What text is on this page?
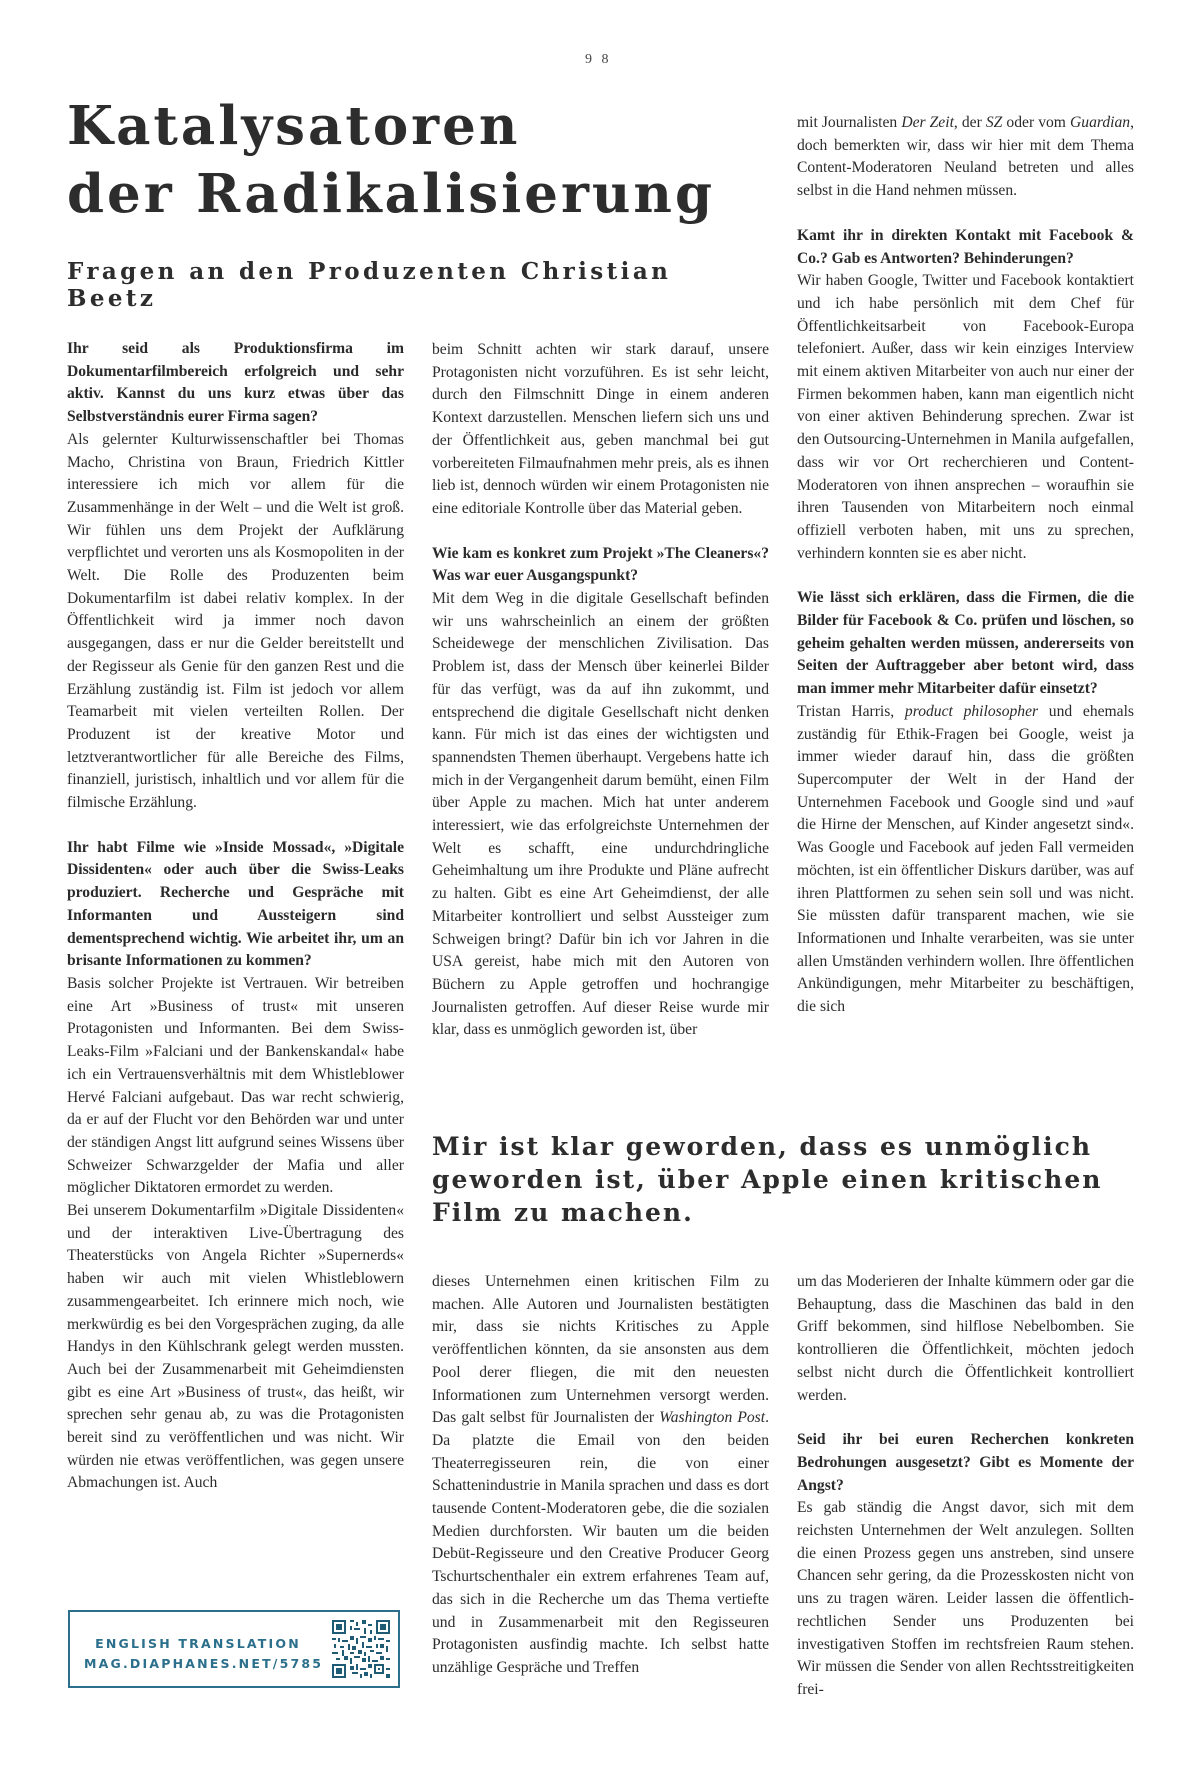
9 8
Katalysatoren
der Radikalisierung
Fragen an den Produzenten Christian Beetz

Ihr seid als Produktionsfirma im Dokumentarfilmbereich erfolgreich und sehr aktiv. Kannst du uns kurz etwas über das Selbstverständnis eurer Firma sagen?

Als gelernter Kulturwissenschaftler bei Thomas Macho, Christina von Braun, Friedrich Kittler interessiere ich mich vor allem für die Zusammenhänge in der Welt – und die Welt ist groß. Wir fühlen uns dem Projekt der Aufklärung verpflichtet und verorten uns als Kosmopoliten in der Welt. Die Rolle des Produzenten beim Dokumentarfilm ist dabei relativ komplex. In der Öffentlichkeit wird ja immer noch davon ausgegangen, dass er nur die Gelder bereitstellt und der Regisseur als Genie für den ganzen Rest und die Erzählung zuständig ist. Film ist jedoch vor allem Teamarbeit mit vielen verteilten Rollen. Der Produzent ist der kreative Motor und letztverantwortlicher für alle Bereiche des Films, finanziell, juristisch, inhaltlich und vor allem für die filmische Erzählung.

Ihr habt Filme wie »Inside Mossad«, »Digitale Dissidenten« oder auch über die Swiss-Leaks produziert. Recherche und Gespräche mit Informanten und Aussteigern sind dementsprechend wichtig. Wie arbeitet ihr, um an brisante Informationen zu kommen?

Basis solcher Projekte ist Vertrauen. Wir betreiben eine Art »Business of trust« mit unseren Protagonisten und Informanten. Bei dem Swiss-Leaks-Film »Falciani und der Bankenskandal« habe ich ein Vertrauensverhältnis mit dem Whistleblower Hervé Falciani aufgebaut. Das war recht schwierig, da er auf der Flucht vor den Behörden war und unter der ständigen Angst litt aufgrund seines Wissens über Schweizer Schwarzgelder der Mafia und aller möglicher Diktatoren ermordet zu werden.

Bei unserem Dokumentarfilm »Digitale Dissidenten« und der interaktiven Live-Übertragung des Theaterstücks von Angela Richter »Supernerds« haben wir auch mit vielen Whistleblowern zusammengearbeitet. Ich erinnere mich noch, wie merkwürdig es bei den Vorgesprächen zuging, da alle Handys in den Kühlschrank gelegt werden mussten. Auch bei der Zusammenarbeit mit Geheimdiensten gibt es eine Art »Business of trust«, das heißt, wir sprechen sehr genau ab, zu was die Protagonisten bereit sind zu veröffentlichen und was nicht. Wir würden nie etwas veröffentlichen, was gegen unsere Abmachungen ist. Auch

beim Schnitt achten wir stark darauf, unsere Protagonisten nicht vorzuführen. Es ist sehr leicht, durch den Filmschnitt Dinge in einem anderen Kontext darzustellen. Menschen liefern sich uns und der Öffentlichkeit aus, geben manchmal bei gut vorbereiteten Filmaufnahmen mehr preis, als es ihnen lieb ist, dennoch würden wir einem Protagonisten nie eine editoriale Kontrolle über das Material geben.

Wie kam es konkret zum Projekt »The Cleaners«? Was war euer Ausgangspunkt?

Mit dem Weg in die digitale Gesellschaft befinden wir uns wahrscheinlich an einem der größten Scheidewege der menschlichen Zivilisation. Das Problem ist, dass der Mensch über keinerlei Bilder für das verfügt, was da auf ihn zukommt, und entsprechend die digitale Gesellschaft nicht denken kann. Für mich ist das eines der wichtigsten und spannendsten Themen überhaupt. Vergebens hatte ich mich in der Vergangenheit darum bemüht, einen Film über Apple zu machen. Mich hat unter anderem interessiert, wie das erfolgreichste Unternehmen der Welt es schafft, eine undurchdringliche Geheimhaltung um ihre Produkte und Pläne aufrecht zu halten. Gibt es eine Art Geheimdienst, der alle Mitarbeiter kontrolliert und selbst Aussteiger zum Schweigen bringt? Dafür bin ich vor Jahren in die USA gereist, habe mich mit den Autoren von Büchern zu Apple getroffen und hochrangige Journalisten getroffen. Auf dieser Reise wurde mir klar, dass es unmöglich geworden ist, über

mit Journalisten Der Zeit, der SZ oder vom Guardian, doch bemerkten wir, dass wir hier mit dem Thema Content-Moderatoren Neuland betreten und alles selbst in die Hand nehmen müssen.

Kamt ihr in direkten Kontakt mit Facebook & Co.? Gab es Antworten? Behinderungen?

Wir haben Google, Twitter und Facebook kontaktiert und ich habe persönlich mit dem Chef für Öffentlichkeitsarbeit von Facebook-Europa telefoniert. Außer, dass wir kein einziges Interview mit einem aktiven Mitarbeiter von auch nur einer der Firmen bekommen haben, kann man eigentlich nicht von einer aktiven Behinderung sprechen. Zwar ist den Outsourcing-Unternehmen in Manila aufgefallen, dass wir vor Ort recherchieren und Content-Moderatoren von ihnen ansprechen – woraufhin sie ihren Tausenden von Mitarbeitern noch einmal offiziell verboten haben, mit uns zu sprechen, verhindern konnten sie es aber nicht.

Wie lässt sich erklären, dass die Firmen, die die Bilder für Facebook & Co. prüfen und löschen, so geheim gehalten werden müssen, andererseits von Seiten der Auftraggeber aber betont wird, dass man immer mehr Mitarbeiter dafür einsetzt?

Tristan Harris, product philosopher und ehemals zuständig für Ethik-Fragen bei Google, weist ja immer wieder darauf hin, dass die größten Supercomputer der Welt in der Hand der Unternehmen Facebook und Google sind und »auf die Hirne der Menschen, auf Kinder angesetzt sind«. Was Google und Facebook auf jeden Fall vermeiden möchten, ist ein öffentlicher Diskurs darüber, was auf ihren Plattformen zu sehen sein soll und was nicht. Sie müssten dafür transparent machen, wie sie Informationen und Inhalte verarbeiten, was sie unter allen Umständen verhindern wollen. Ihre öffentlichen Ankündigungen, mehr Mitarbeiter zu beschäftigen, die sich

Mir ist klar geworden, dass es unmöglich geworden ist, über Apple einen kritischen Film zu machen.

dieses Unternehmen einen kritischen Film zu machen. Alle Autoren und Journalisten bestätigten mir, dass sie nichts Kritisches zu Apple veröffentlichen könnten, da sie ansonsten aus dem Pool derer fliegen, die mit den neuesten Informationen zum Unternehmen versorgt werden. Das galt selbst für Journalisten der Washington Post. Da platzte die Email von den beiden Theaterregisseuren rein, die von einer Schattenindustrie in Manila sprachen und dass es dort tausende Content-Moderatoren gebe, die die sozialen Medien durchforsten. Wir bauten um die beiden Debüt-Regisseure und den Creative Producer Georg Tschurtschenthaler ein extrem erfahrenes Team auf, das sich in die Recherche um das Thema vertiefte und in Zusammenarbeit mit den Regisseuren Protagonisten ausfindig machte. Ich selbst hatte unzählige Gespräche und Treffen

um das Moderieren der Inhalte kümmern oder gar die Behauptung, dass die Maschinen das bald in den Griff bekommen, sind hilflose Nebelbomben. Sie kontrollieren die Öffentlichkeit, möchten jedoch selbst nicht durch die Öffentlichkeit kontrolliert werden.

Seid ihr bei euren Recherchen konkreten Bedrohungen ausgesetzt? Gibt es Momente der Angst?

Es gab ständig die Angst davor, sich mit dem reichsten Unternehmen der Welt anzulegen. Sollten die einen Prozess gegen uns anstreben, sind unsere Chancen sehr gering, da die Prozesskosten nicht von uns zu tragen wären. Leider lassen die öffentlich-rechtlichen Sender uns Produzenten bei investigativen Stoffen im rechtsfreien Raum stehen. Wir müssen die Sender von allen Rechtsstreitigkeiten frei-

ENGLISH TRANSLATION
MAG.DIAPHANES.NET/5785
